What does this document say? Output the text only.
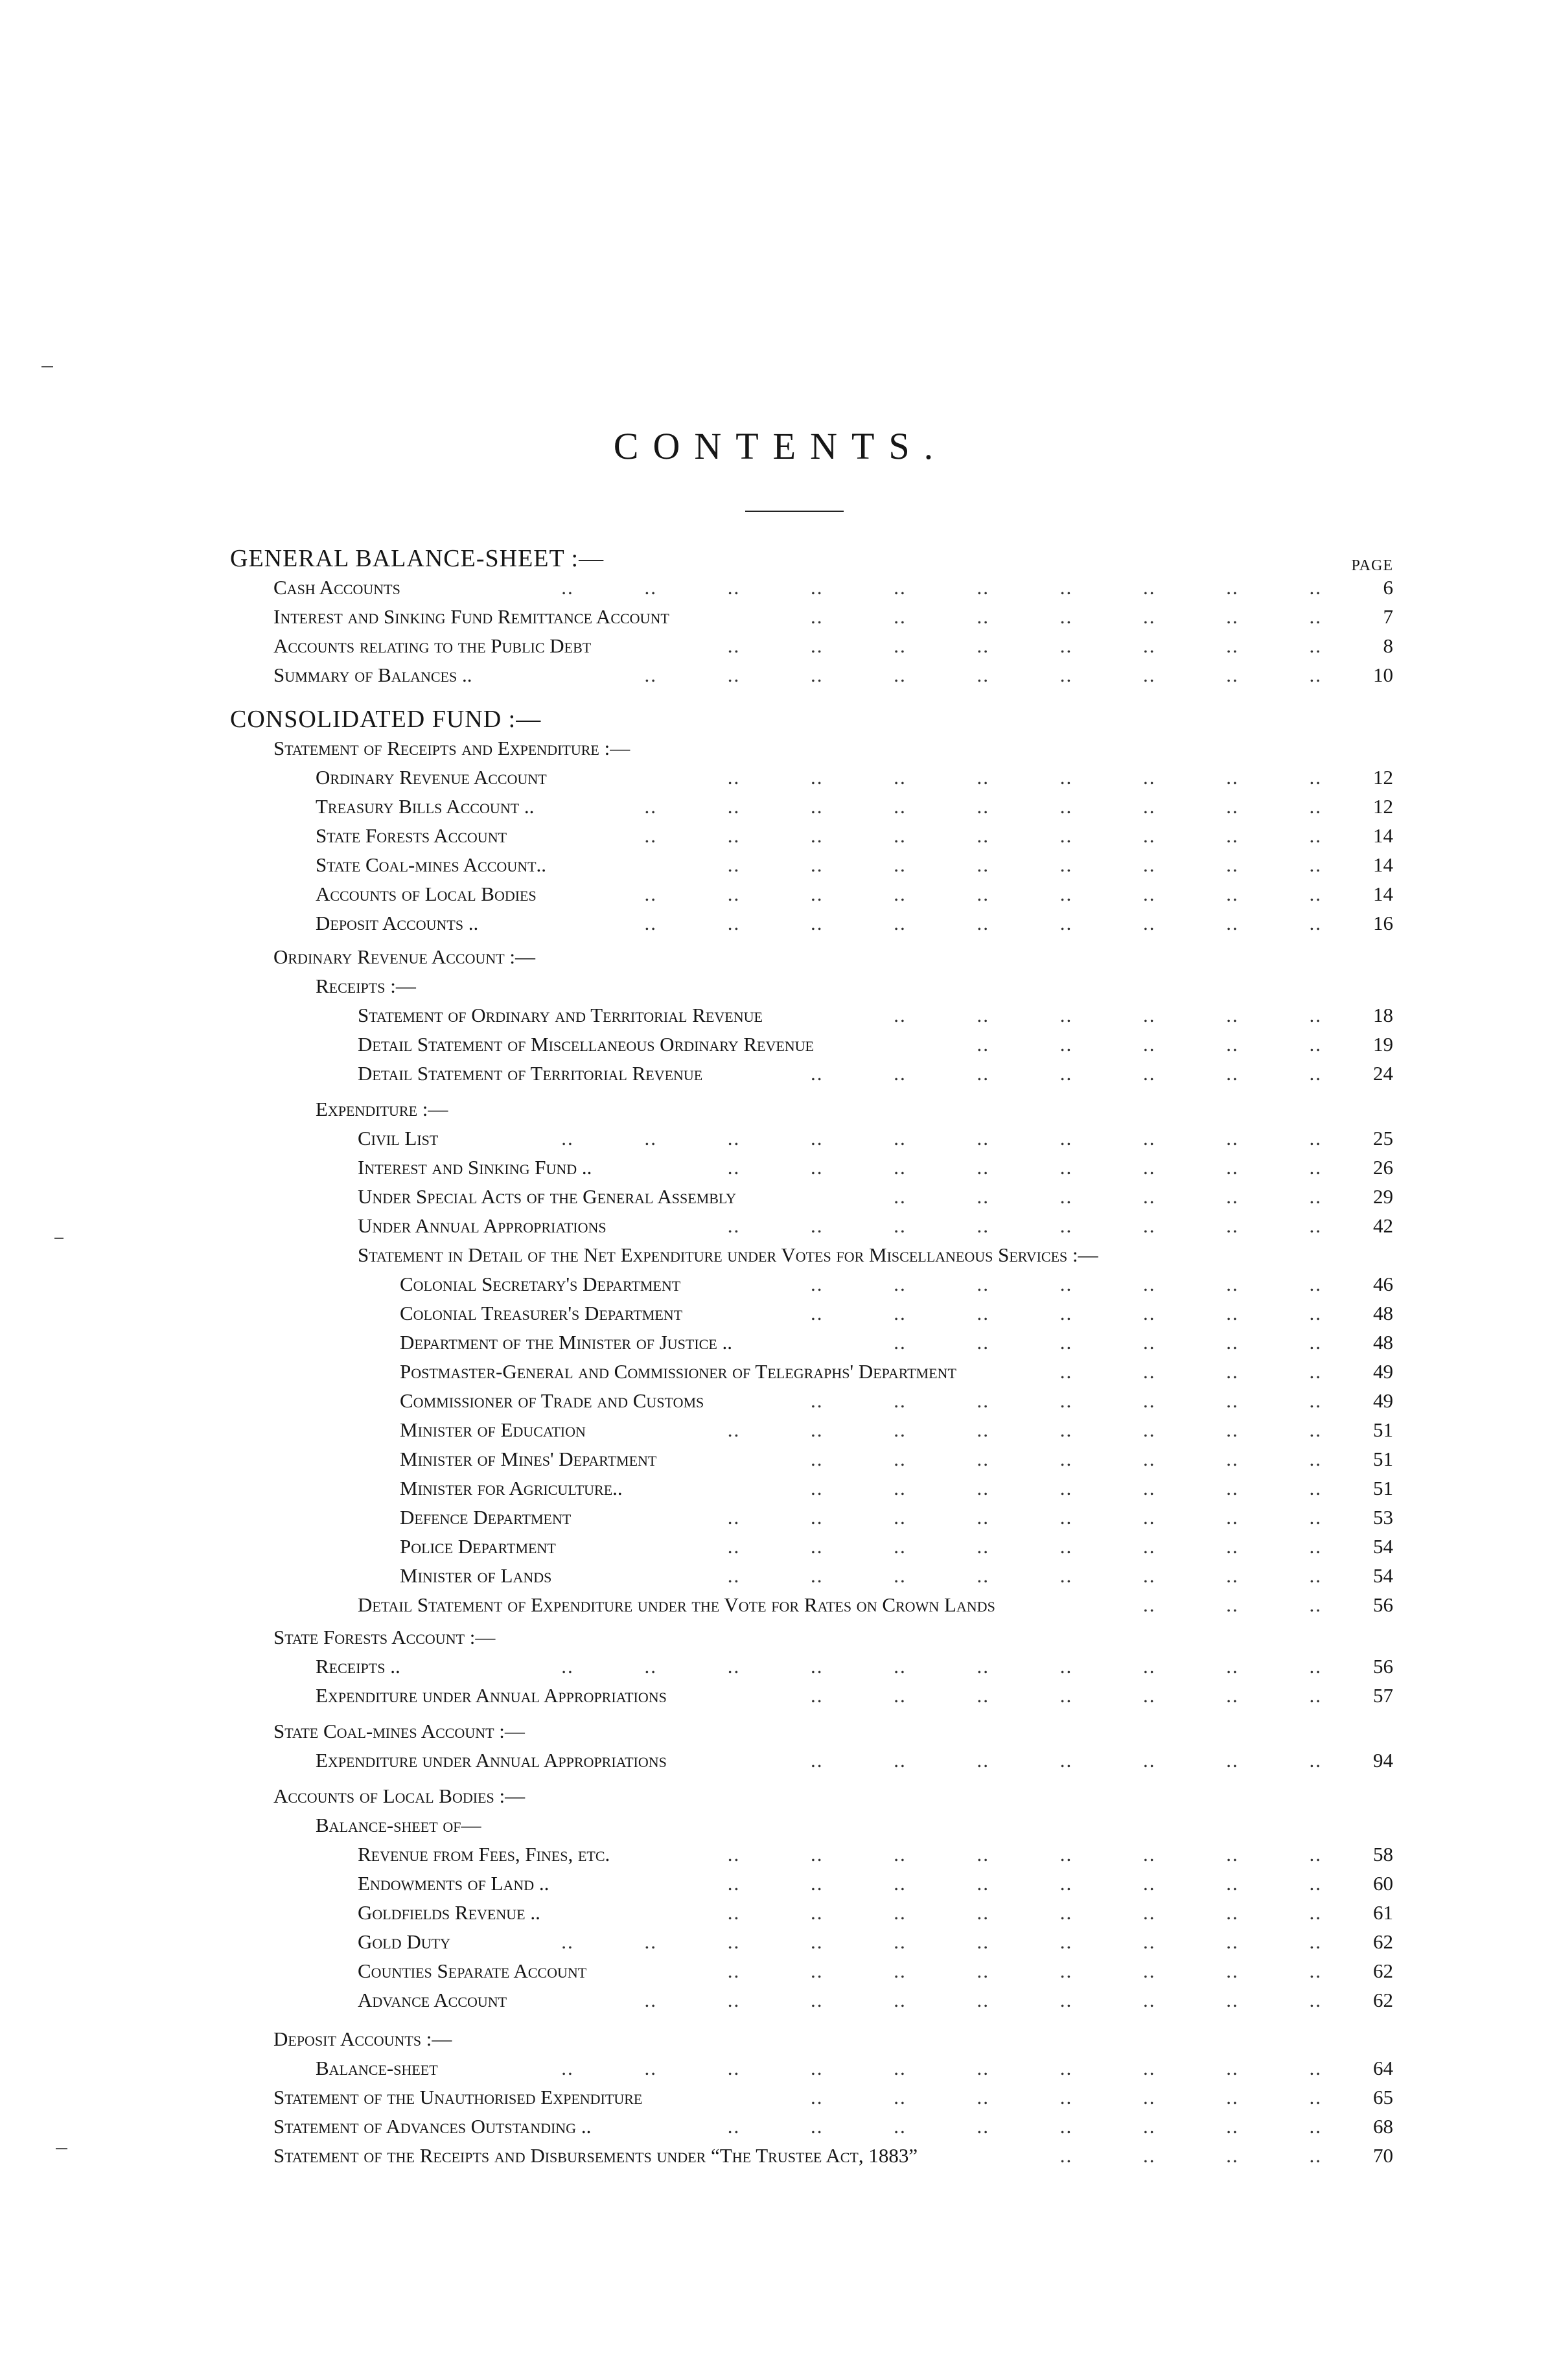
CONTENTS.
PAGE
GENERAL BALANCE-SHEET :—
Cash Accounts	..    ..    ..    ..    ..    ..    ..    ..    ..    ..	6
Interest and Sinking Fund Remittance Account	..    ..    ..    ..    ..    ..    ..	7
Accounts relating to the Public Debt	..    ..    ..    ..    ..    ..    ..    ..	8
Summary of Balances ..	..    ..    ..    ..    ..    ..    ..    ..    ..	10
CONSOLIDATED FUND :—
Statement of Receipts and Expenditure :—
Ordinary Revenue Account	..    ..    ..    ..    ..    ..    ..    ..	12
Treasury Bills Account ..	..    ..    ..    ..    ..    ..    ..    ..    ..	12
State Forests Account	..    ..    ..    ..    ..    ..    ..    ..    ..	14
State Coal-mines Account..	..    ..    ..    ..    ..    ..    ..    ..	14
Accounts of Local Bodies	..    ..    ..    ..    ..    ..    ..    ..    ..	14
Deposit Accounts ..	..    ..    ..    ..    ..    ..    ..    ..    ..	16
Ordinary Revenue Account :—
Receipts :—
Statement of Ordinary and Territorial Revenue	..    ..    ..    ..    ..    ..	18
Detail Statement of Miscellaneous Ordinary Revenue	..    ..    ..    ..    ..	19
Detail Statement of Territorial Revenue	..    ..    ..    ..    ..    ..    ..	24
Expenditure :—
Civil List	..    ..    ..    ..    ..    ..    ..    ..    ..    ..	25
Interest and Sinking Fund ..	..    ..    ..    ..    ..    ..    ..    ..	26
Under Special Acts of the General Assembly	..    ..    ..    ..    ..    ..	29
Under Annual Appropriations	..    ..    ..    ..    ..    ..    ..    ..	42
Statement in Detail of the Net Expenditure under Votes for Miscellaneous Services :—
Colonial Secretary's Department	..    ..    ..    ..    ..    ..    ..	46
Colonial Treasurer's Department	..    ..    ..    ..    ..    ..    ..	48
Department of the Minister of Justice ..	..    ..    ..    ..    ..    ..	48
Postmaster-General and Commissioner of Telegraphs' Department	..    ..    ..    ..	49
Commissioner of Trade and Customs	..    ..    ..    ..    ..    ..    ..	49
Minister of Education	..    ..    ..    ..    ..    ..    ..    ..	51
Minister of Mines' Department	..    ..    ..    ..    ..    ..    ..	51
Minister for Agriculture..	..    ..    ..    ..    ..    ..    ..	51
Defence Department	..    ..    ..    ..    ..    ..    ..    ..	53
Police Department	..    ..    ..    ..    ..    ..    ..    ..	54
Minister of Lands	..    ..    ..    ..    ..    ..    ..    ..	54
Detail Statement of Expenditure under the Vote for Rates on Crown Lands	..    ..    ..	56
State Forests Account :—
Receipts ..	..    ..    ..    ..    ..    ..    ..    ..    ..    ..	56
Expenditure under Annual Appropriations	..    ..    ..    ..    ..    ..    ..	57
State Coal-mines Account :—
Expenditure under Annual Appropriations	..    ..    ..    ..    ..    ..    ..	94
Accounts of Local Bodies :—
Balance-sheet of—
Revenue from Fees, Fines, etc.	..    ..    ..    ..    ..    ..    ..    ..	58
Endowments of Land ..	..    ..    ..    ..    ..    ..    ..    ..	60
Goldfields Revenue ..	..    ..    ..    ..    ..    ..    ..    ..	61
Gold Duty	..    ..    ..    ..    ..    ..    ..    ..    ..    ..	62
Counties Separate Account	..    ..    ..    ..    ..    ..    ..    ..	62
Advance Account	..    ..    ..    ..    ..    ..    ..    ..    ..	62
Deposit Accounts :—
Balance-sheet	..    ..    ..    ..    ..    ..    ..    ..    ..    ..	64
Statement of the Unauthorised Expenditure	..    ..    ..    ..    ..    ..    ..	65
Statement of Advances Outstanding ..	..    ..    ..    ..    ..    ..    ..    ..	68
Statement of the Receipts and Disbursements under “The Trustee Act, 1883”	..    ..    ..    ..	70
